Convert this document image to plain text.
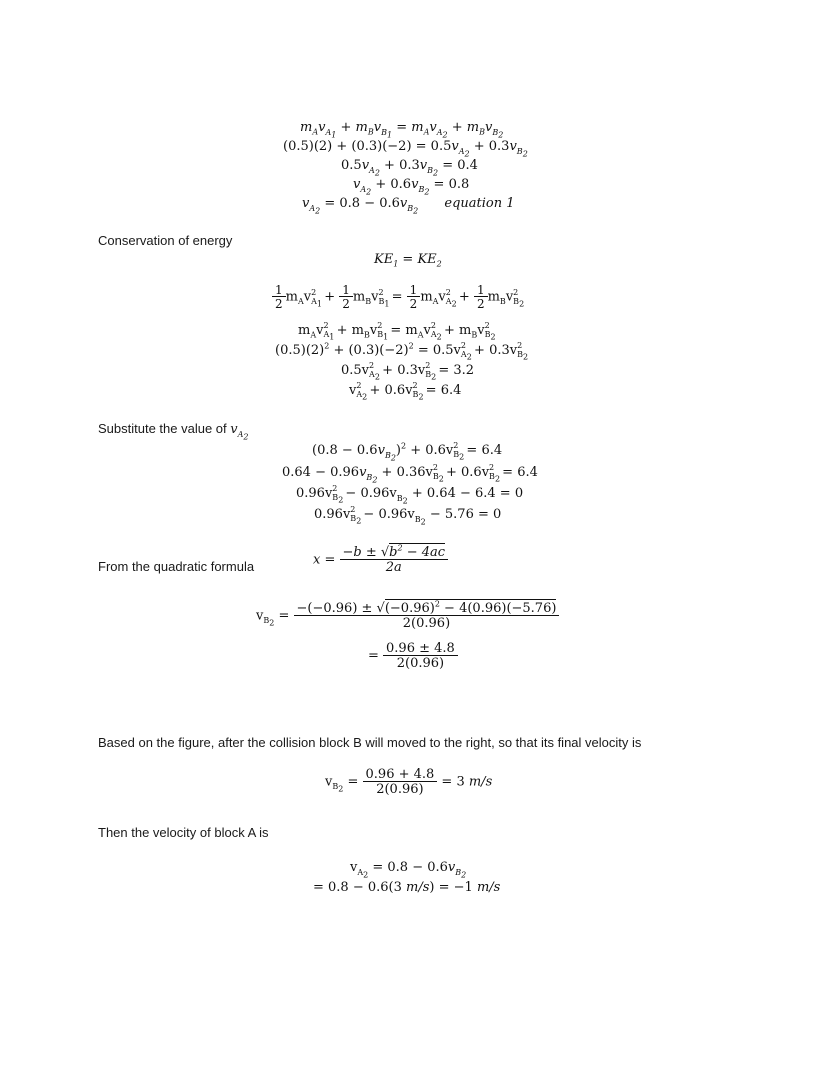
$m_Av_{A_1} + m_Bv_{B_1} = m_Av_{A_2} + m_Bv_{B_2}$
$(0.5)(2) + (0.3)(-2) = 0.5v_{A_2} + 0.3v_{B_2}$
$0.5v_{A_2} + 0.3v_{B_2} = 0.4$
$v_{A_2} + 0.6v_{B_2} = 0.8$
$v_{A_2} = 0.8 - 0.6v_{B_2}$ equation 1
Conservation of energy
$KE_1 = KE_2$
$\frac{1}{2} m_Av$ 2
$A_1$
+ $\frac{1}{2} m_Bv$ 2
$B_1$
= $\frac{1}{2} m_Av$ 2
$A_2$
+ $\frac{1}{2} m_Bv$ 2
$B_2$
$m_Av$ 2
$A_1$
+ $m_Bv$ 2
$B_1$
= $m_Av$ 2
$A_2$
+ $m_Bv$ 2
$B_2$
$(0.5)(2)^2 + (0.3)(-2)^2 = 0.5v$ 2
$A_2$
+ 0.3v 2
$B_2$
0.5v 2
$A_2$
+ 0.3v 2
$B_2$
= 3.2
v 2
$A_2$
+ 0.6v 2
$B_2$
= 6.4
Substitute the value of $v_{A_2}$
$(0.8 - 0.6v_{B_2})^2 + 0.6v$ 2
$B_2$
= 6.4
$0.64 - 0.96v_{B_2} + 0.36v$ 2
$B_2$
+ 0.6v 2
$B_2$
= 6.4
0.96v 2
$B_2$
− $0.96v_{B_2} + 0.64 - 6.4 = 0$
0.96v 2
$B_2$
− $0.96v_{B_2} - 5.76 = 0$
From the quadratic formula	$x = \frac{-b \pm √b^2 - 4ac}{2a}$
$v_{B_2} = \frac{-(-0.96) \pm √(-0.96)^2 - 4(0.96)(-5.76)}{2(0.96)}$
= $\frac{0.96 \pm 4.8}{2(0.96)}$
Based on the figure, after the collision block B will moved to the right, so that its final velocity is
$v_{B_2} = \frac{0.96 + 4.8}{2(0.96)} = 3$ m/s
Then the velocity of block A is
$v_{A_2} = 0.8 - 0.6v_{B_2}$
= 0.8 − 0.6(3 m/s) = −1 m/s
